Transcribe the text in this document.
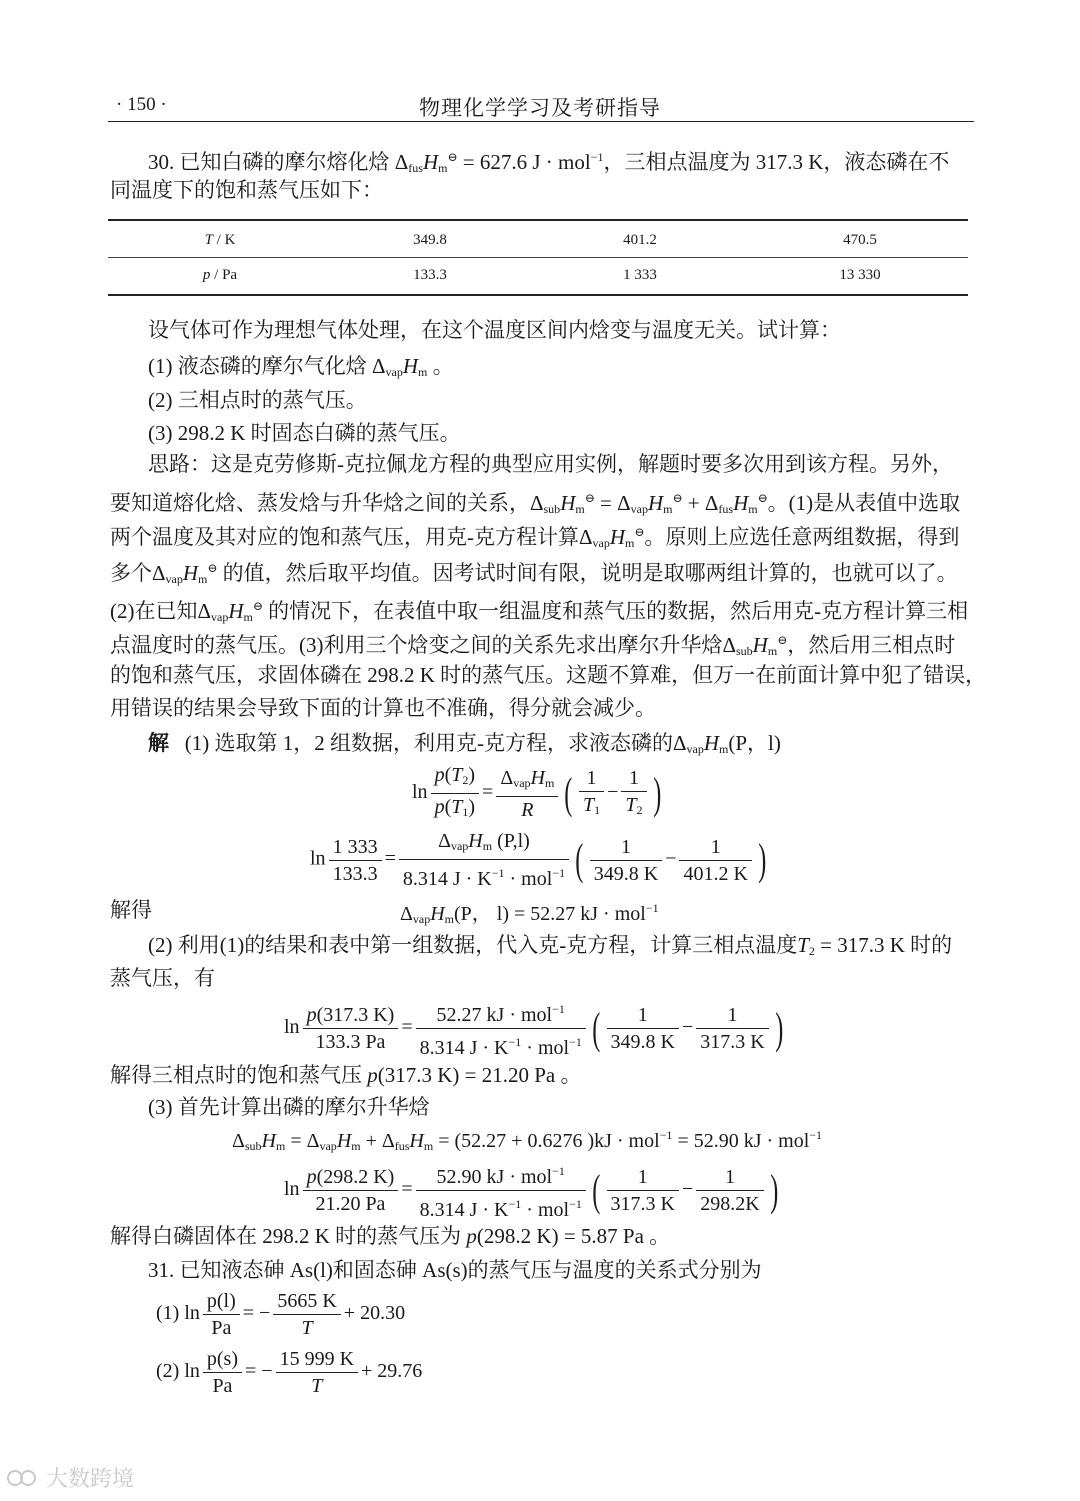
· 150 ·	物理化学学习及考研指导
30. 已知白磷的摩尔熔化焓 $\Delta_{fus}H_m^⊖ = 627.6$ J · mol$^{-1}$，三相点温度为 317.3 K，液态磷在不
同温度下的饱和蒸气压如下：
T / K	349.8	401.2	470.5
p / Pa	133.3	1 333	13 330
设气体可作为理想气体处理，在这个温度区间内焓变与温度无关。试计算：
(1) 液态磷的摩尔气化焓 $\Delta_{vap}H_m$ 。
(2) 三相点时的蒸气压。
(3) 298.2 K 时固态白磷的蒸气压。
思路：这是克劳修斯-克拉佩龙方程的典型应用实例，解题时要多次用到该方程。另外，
要知道熔化焓、蒸发焓与升华焓之间的关系，$\Delta_{sub}H_m^⊖ = \Delta_{vap}H_m^⊖ + \Delta_{fus}H_m^⊖$。(1)是从表值中选取
两个温度及其对应的饱和蒸气压，用克-克方程计算$\Delta_{vap}H_m^⊖$。原则上应选任意两组数据，得到
多个$\Delta_{vap}H_m^⊖$ 的值，然后取平均值。因考试时间有限，说明是取哪两组计算的，也就可以了。
(2)在已知$\Delta_{vap}H_m^⊖$ 的情况下，在表值中取一组温度和蒸气压的数据，然后用克-克方程计算三相
点温度时的蒸气压。(3)利用三个焓变之间的关系先求出摩尔升华焓$\Delta_{sub}H_m^⊖$，然后用三相点时
的饱和蒸气压，求固体磷在 298.2 K 时的蒸气压。这题不算难，但万一在前面计算中犯了错误，
用错误的结果会导致下面的计算也不准确，得分就会减少。
解 (1) 选取第 1，2 组数据，利用克-克方程，求液态磷的$\Delta_{vap}H_m(P$，l)
$\ln \frac{p(T_2)}{p(T_1)} = \frac{\Delta_{vap}H_m}{R}$ ( $\frac{1}{T_1} - \frac{1}{T_2}$ )
$\ln \frac{1 333}{133.3} = \frac{\Delta_{vap}H_m (P,l)}{8.314 J \cdot K^{-1} \cdot mol^{-1}}$ ( $\frac{1}{349.8 K} - \frac{1}{401.2 K}$ )
解得	$\Delta_{vap}H_m(P$， l) = 52.27 kJ · mol$^{-1}$
(2) 利用(1)的结果和表中第一组数据，代入克-克方程，计算三相点温度$T_2 = 317.3$ K 时的
蒸气压，有
$\ln \frac{p(317.3 K)}{133.3 Pa} = \frac{52.27 kJ \cdot mol^{-1}}{8.314 J \cdot K^{-1} \cdot mol^{-1}}$ ( $\frac{1}{349.8 K} - \frac{1}{317.3 K}$ )
解得三相点时的饱和蒸气压 p(317.3 K) = 21.20 Pa 。
(3) 首先计算出磷的摩尔升华焓
$\Delta_{sub}H_m = \Delta_{vap}H_m + \Delta_{fus}H_m = (52.27 + 0.6276$ )kJ · mol$^{-1}$ = 52.90 kJ · mol$^{-1}$
$\ln \frac{p(298.2 K)}{21.20 Pa} = \frac{52.90 kJ \cdot mol^{-1}}{8.314 J \cdot K^{-1} \cdot mol^{-1}}$ ( $\frac{1}{317.3 K} - \frac{1}{298.2K}$ )
解得白磷固体在 298.2 K 时的蒸气压为 p(298.2 K) = 5.87 Pa 。
31. 已知液态砷 As(l)和固态砷 As(s)的蒸气压与温度的关系式分别为
(1) $\ln \frac{p(l)}{Pa}$ = − $\frac{5665 K}{T} + 20.30$
(2) $\ln \frac{p(s)}{Pa}$ = − $\frac{15 999 K}{T} + 29.76$
大数跨境
